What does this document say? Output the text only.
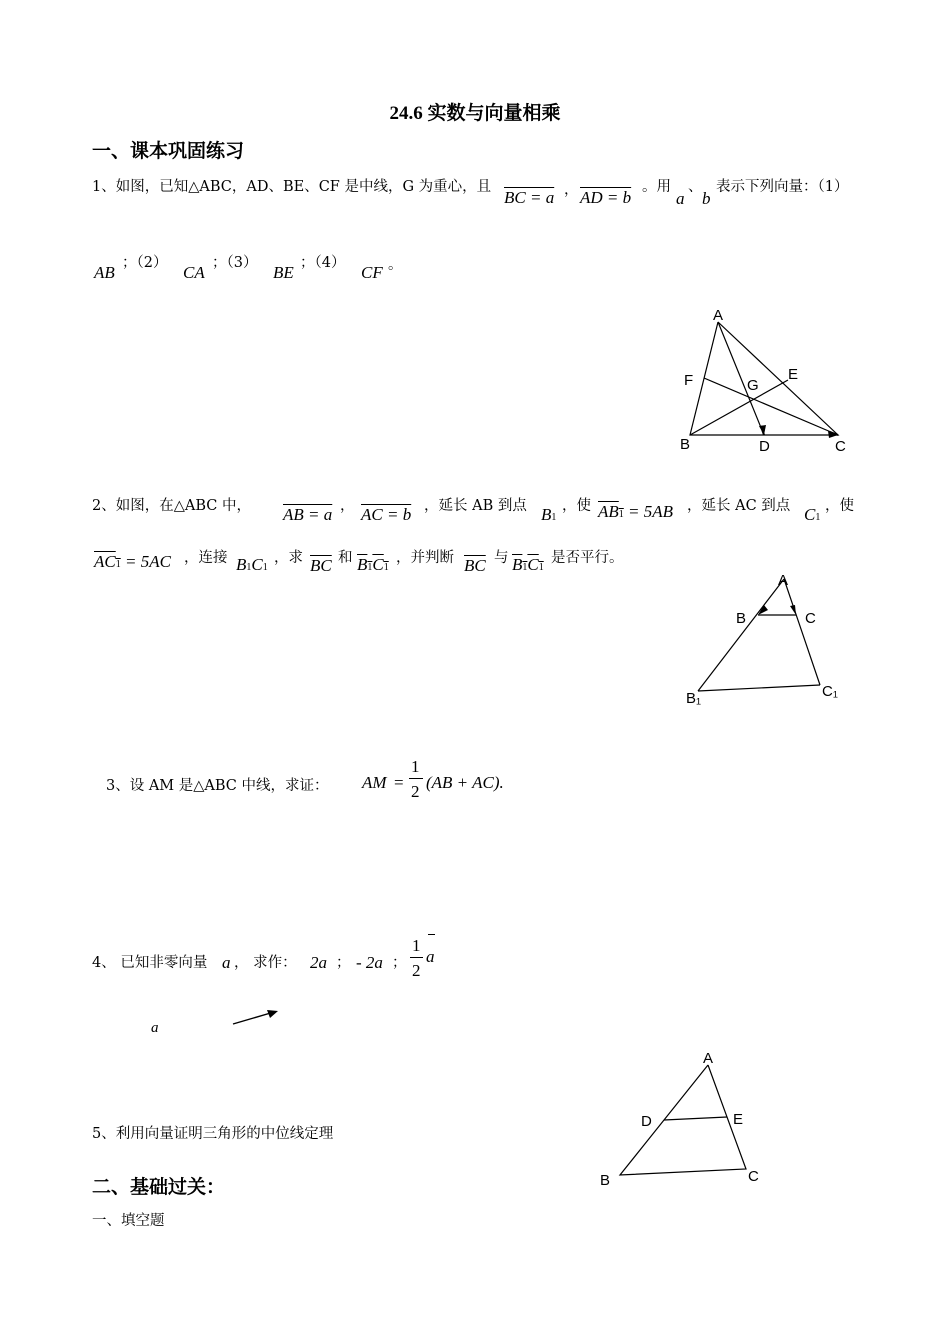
24.6 实数与向量相乘
一、课本巩固练习
1、如图，已知△ABC，AD、BE、CF 是中线，G 为重心，且
BC = a ， AD = b
。用
a
、
b
表示下列向量：（1）
AB ；（2） CA ；（3） BE ；（4） CF 。
A
B	C
D
E
F	G
2、如图，在△ABC 中， AB = a ， AC = b ，延长 AB 到点 B1
，使 AB1 = 5AB ，延长 AC 到点 C1
，使
AC1 = 5AC ，连接 B1C1
，求 $\overline{BC}$ 和 B1C1
，并判断 $\overline{BC}$ 与 B1C1
是否平行。
A
B	C
B₁	C₁
3、设 AM 是△ABC 中线，求证： AM =
1
2 (AB + AC).
4、 已知非零向量 a ， 求作： 2a ； - 2a ；
1
2
a
a
5、利用向量证明三角形的中位线定理
A
B	C
D	E
二、基础过关：
一、填空题
